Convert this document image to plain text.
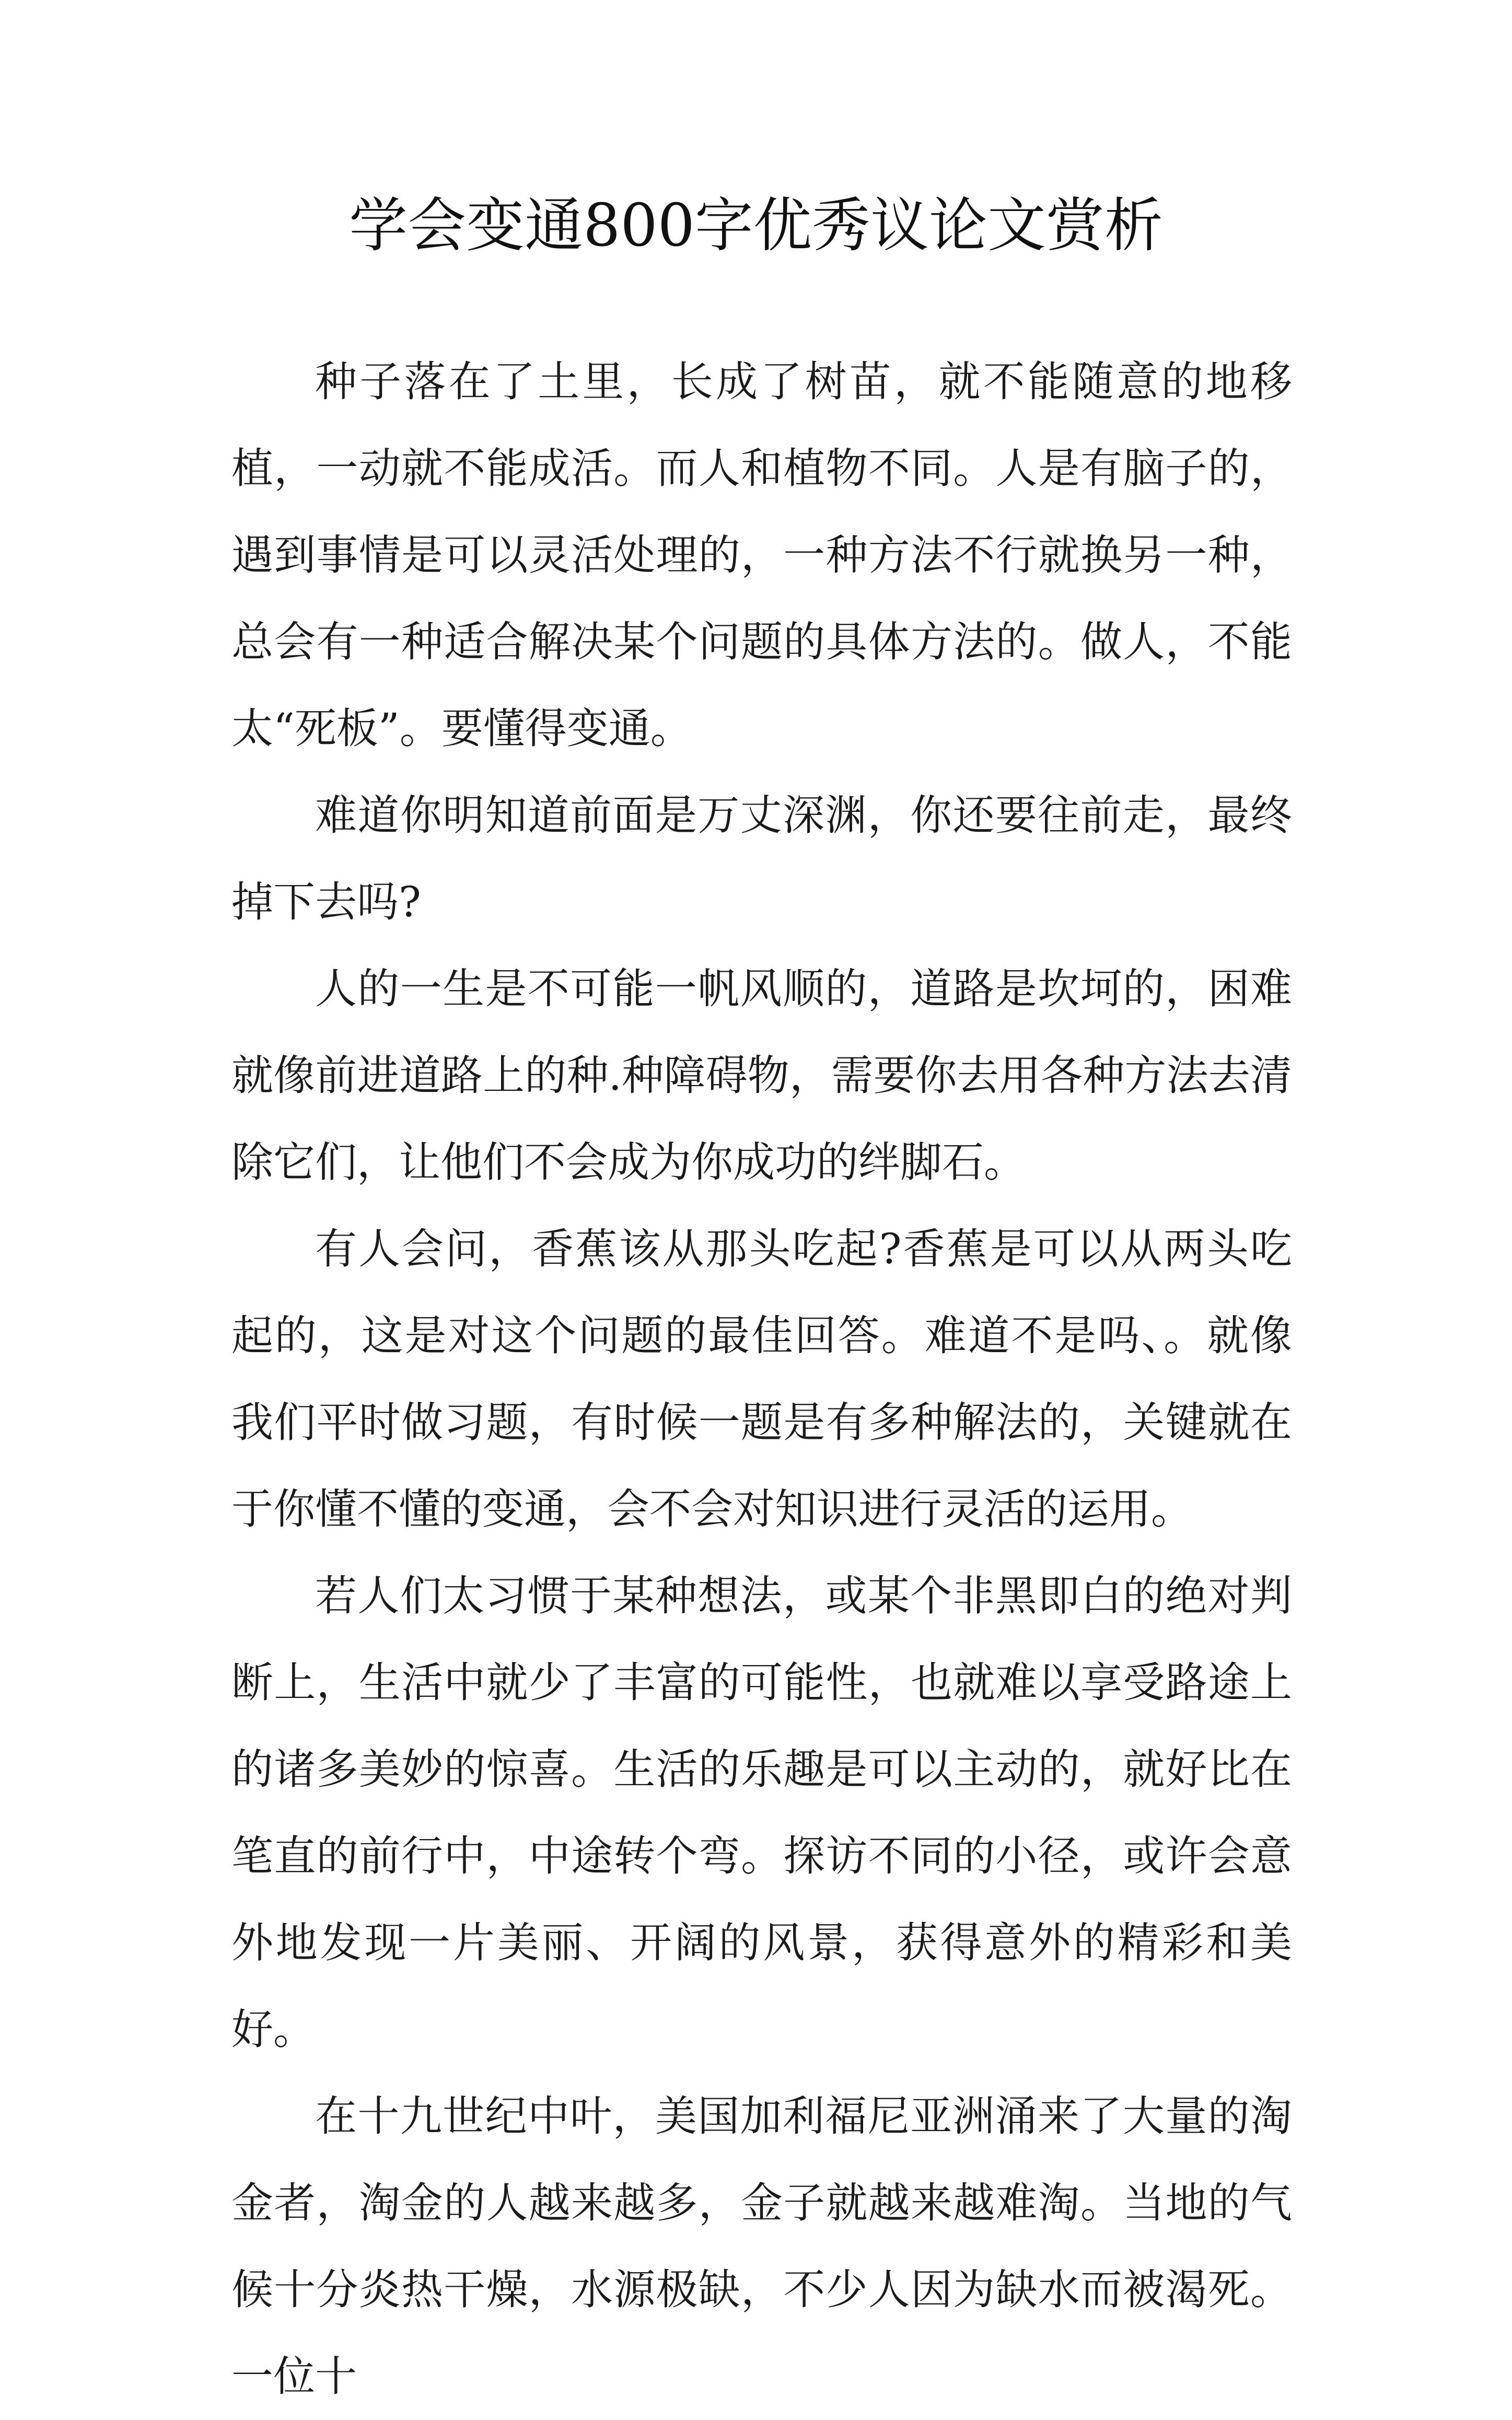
学会变通800字优秀议论文赏析

种子落在了土里，长成了树苗，就不能随意的地移植，一动就不能成活。而人和植物不同。人是有脑子的，遇到事情是可以灵活处理的，一种方法不行就换另一种，总会有一种适合解决某个问题的具体方法的。做人，不能太“死板”。要懂得变通。

难道你明知道前面是万丈深渊，你还要往前走，最终掉下去吗?

人的一生是不可能一帆风顺的，道路是坎坷的，困难就像前进道路上的种.种障碍物，需要你去用各种方法去清除它们，让他们不会成为你成功的绊脚石。

有人会问，香蕉该从那头吃起?香蕉是可以从两头吃起的，这是对这个问题的最佳回答。难道不是吗、。就像我们平时做习题，有时候一题是有多种解法的，关键就在于你懂不懂的变通，会不会对知识进行灵活的运用。

若人们太习惯于某种想法，或某个非黑即白的绝对判断上，生活中就少了丰富的可能性，也就难以享受路途上的诸多美妙的惊喜。生活的乐趣是可以主动的，就好比在笔直的前行中，中途转个弯。探访不同的小径，或许会意外地发现一片美丽、开阔的风景，获得意外的精彩和美好。

在十九世纪中叶，美国加利福尼亚洲涌来了大量的淘金者，淘金的人越来越多，金子就越来越难淘。当地的气候十分炎热干燥，水源极缺，不少人因为缺水而被渴死。一位十
